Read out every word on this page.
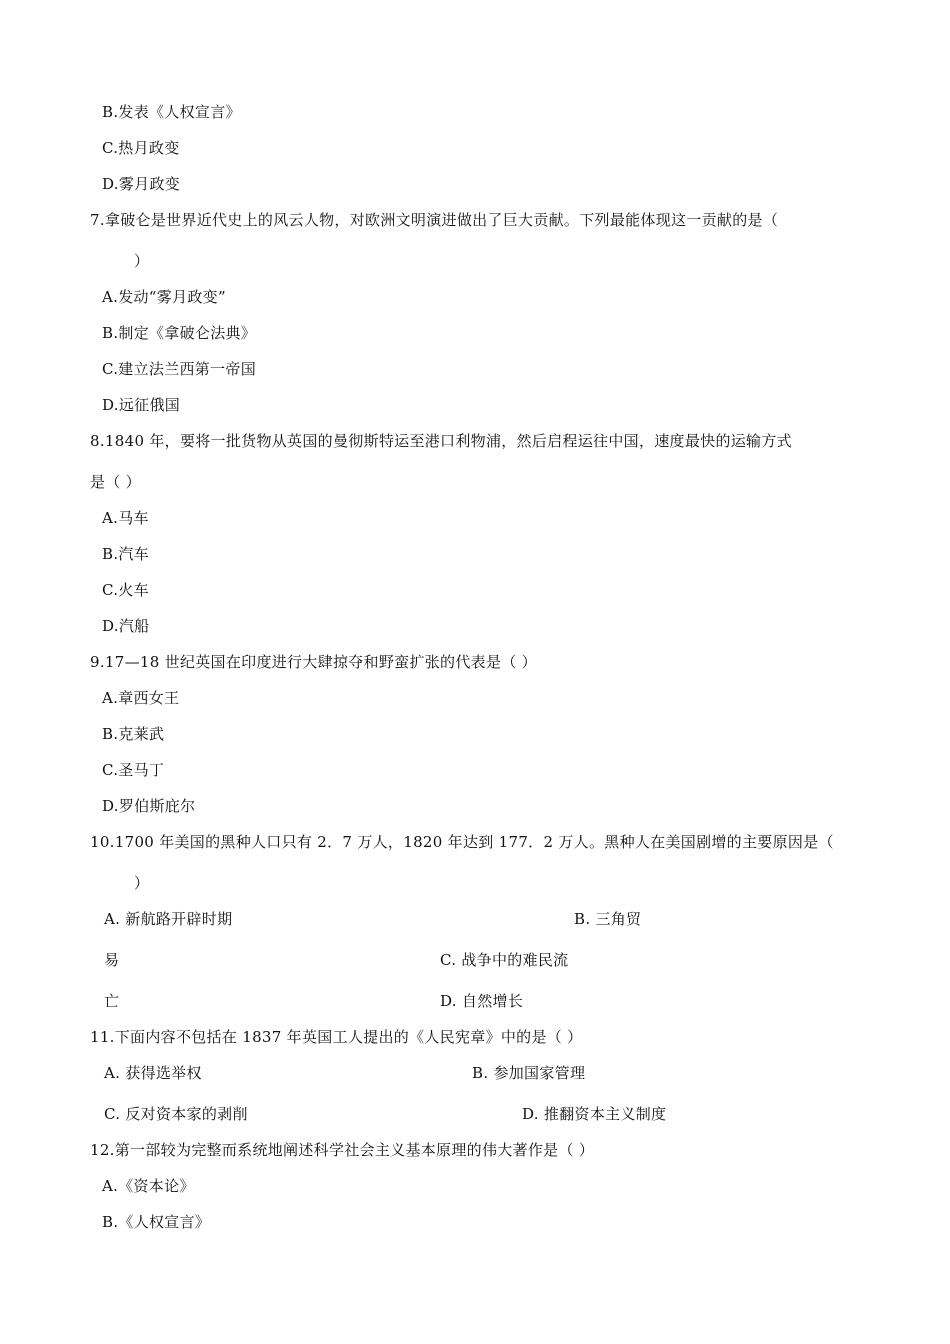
B.发表《人权宣言》
C.热月政变
D.雾月政变
7.拿破仑是世界近代史上的风云人物，对欧洲文明演进做出了巨大贡献。下列最能体现这一贡献的是（
）
A.发动“雾月政变”
B.制定《拿破仑法典》
C.建立法兰西第一帝国
D.远征俄国
8.1840 年，要将一批货物从英国的曼彻斯特运至港口利物浦，然后启程运往中国，速度最快的运输方式
是（ ）
A.马车
B.汽车
C.火车
D.汽船
9.17—18 世纪英国在印度进行大肆掠夺和野蛮扩张的代表是（ ）
A.章西女王
B.克莱武
C.圣马丁
D.罗伯斯庇尔
10.1700 年美国的黑种人口只有 2．7 万人，1820 年达到 177．2 万人。黑种人在美国剧增的主要原因是（
）
A. 新航路开辟时期	B. 三角贸
易	C. 战争中的难民流
亡	D. 自然增长
11.下面内容不包括在 1837 年英国工人提出的《人民宪章》中的是（ ）
A. 获得选举权	B. 参加国家管理
C. 反对资本家的剥削	D. 推翻资本主义制度
12.第一部较为完整而系统地阐述科学社会主义基本原理的伟大著作是（ ）
A.《资本论》
B.《人权宣言》
